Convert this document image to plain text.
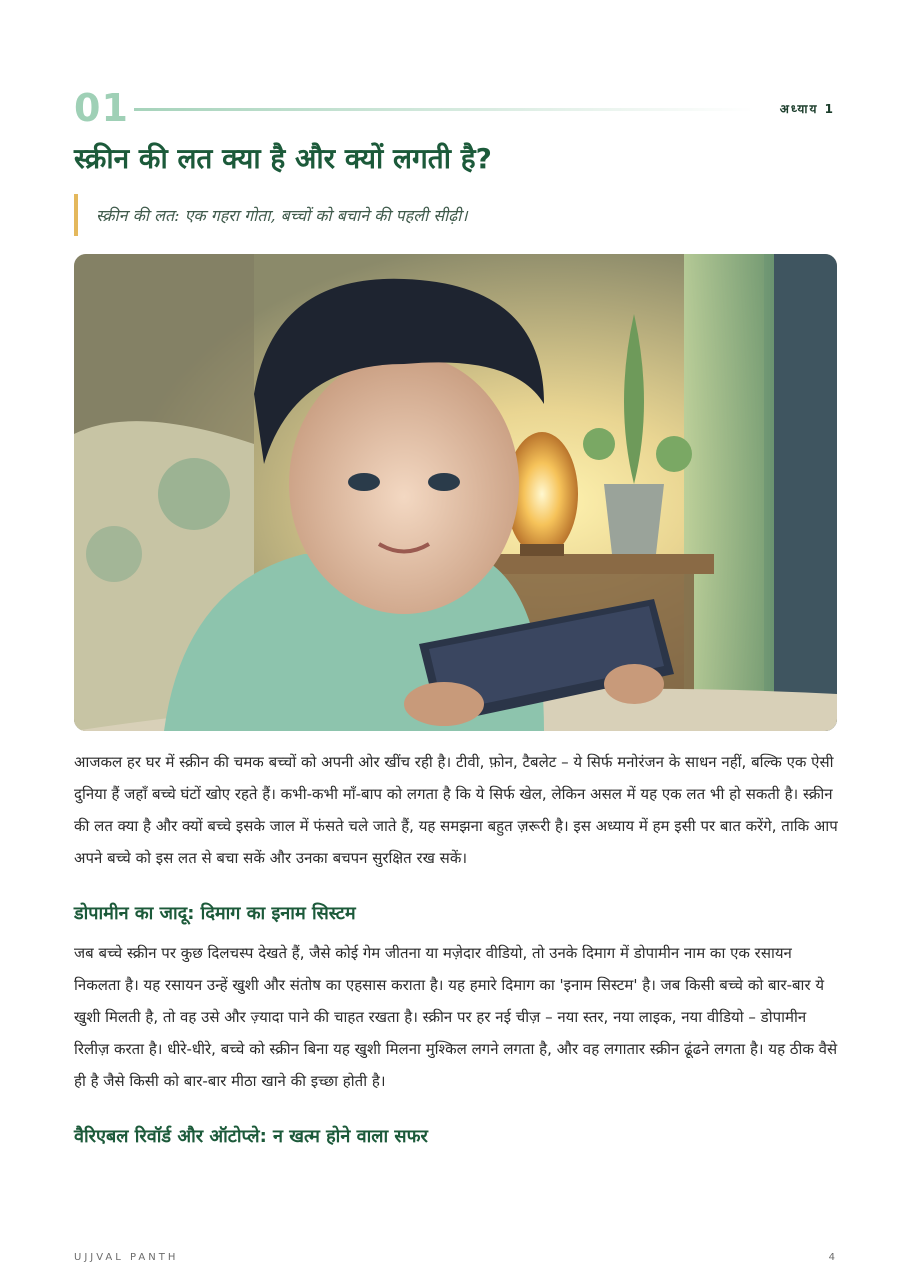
01	अध्याय 1
स्क्रीन की लत क्या है और क्यों लगती है?
स्क्रीन की लत: एक गहरा गोता, बच्चों को बचाने की पहली सीढ़ी।

आजकल हर घर में स्क्रीन की चमक बच्चों को अपनी ओर खींच रही है। टीवी, फ़ोन, टैबलेट – ये सिर्फ मनोरंजन के साधन नहीं, बल्कि एक ऐसी दुनिया हैं जहाँ बच्चे घंटों खोए रहते हैं। कभी-कभी माँ-बाप को लगता है कि ये सिर्फ खेल, लेकिन असल में यह एक लत भी हो सकती है। स्क्रीन की लत क्या है और क्यों बच्चे इसके जाल में फंसते चले जाते हैं, यह समझना बहुत ज़रूरी है। इस अध्याय में हम इसी पर बात करेंगे, ताकि आप अपने बच्चे को इस लत से बचा सकें और उनका बचपन सुरक्षित रख सकें।

डोपामीन का जादू: दिमाग का इनाम सिस्टम

जब बच्चे स्क्रीन पर कुछ दिलचस्प देखते हैं, जैसे कोई गेम जीतना या मज़ेदार वीडियो, तो उनके दिमाग में डोपामीन नाम का एक रसायन निकलता है। यह रसायन उन्हें खुशी और संतोष का एहसास कराता है। यह हमारे दिमाग का 'इनाम सिस्टम' है। जब किसी बच्चे को बार-बार ये खुशी मिलती है, तो वह उसे और ज़्यादा पाने की चाहत रखता है। स्क्रीन पर हर नई चीज़ – नया स्तर, नया लाइक, नया वीडियो – डोपामीन रिलीज़ करता है। धीरे-धीरे, बच्चे को स्क्रीन बिना यह खुशी मिलना मुश्किल लगने लगता है, और वह लगातार स्क्रीन ढूंढने लगता है। यह ठीक वैसे ही है जैसे किसी को बार-बार मीठा खाने की इच्छा होती है।

वैरिएबल रिवॉर्ड और ऑटोप्ले: न खत्म होने वाला सफर
UJJVAL PANTH	4
